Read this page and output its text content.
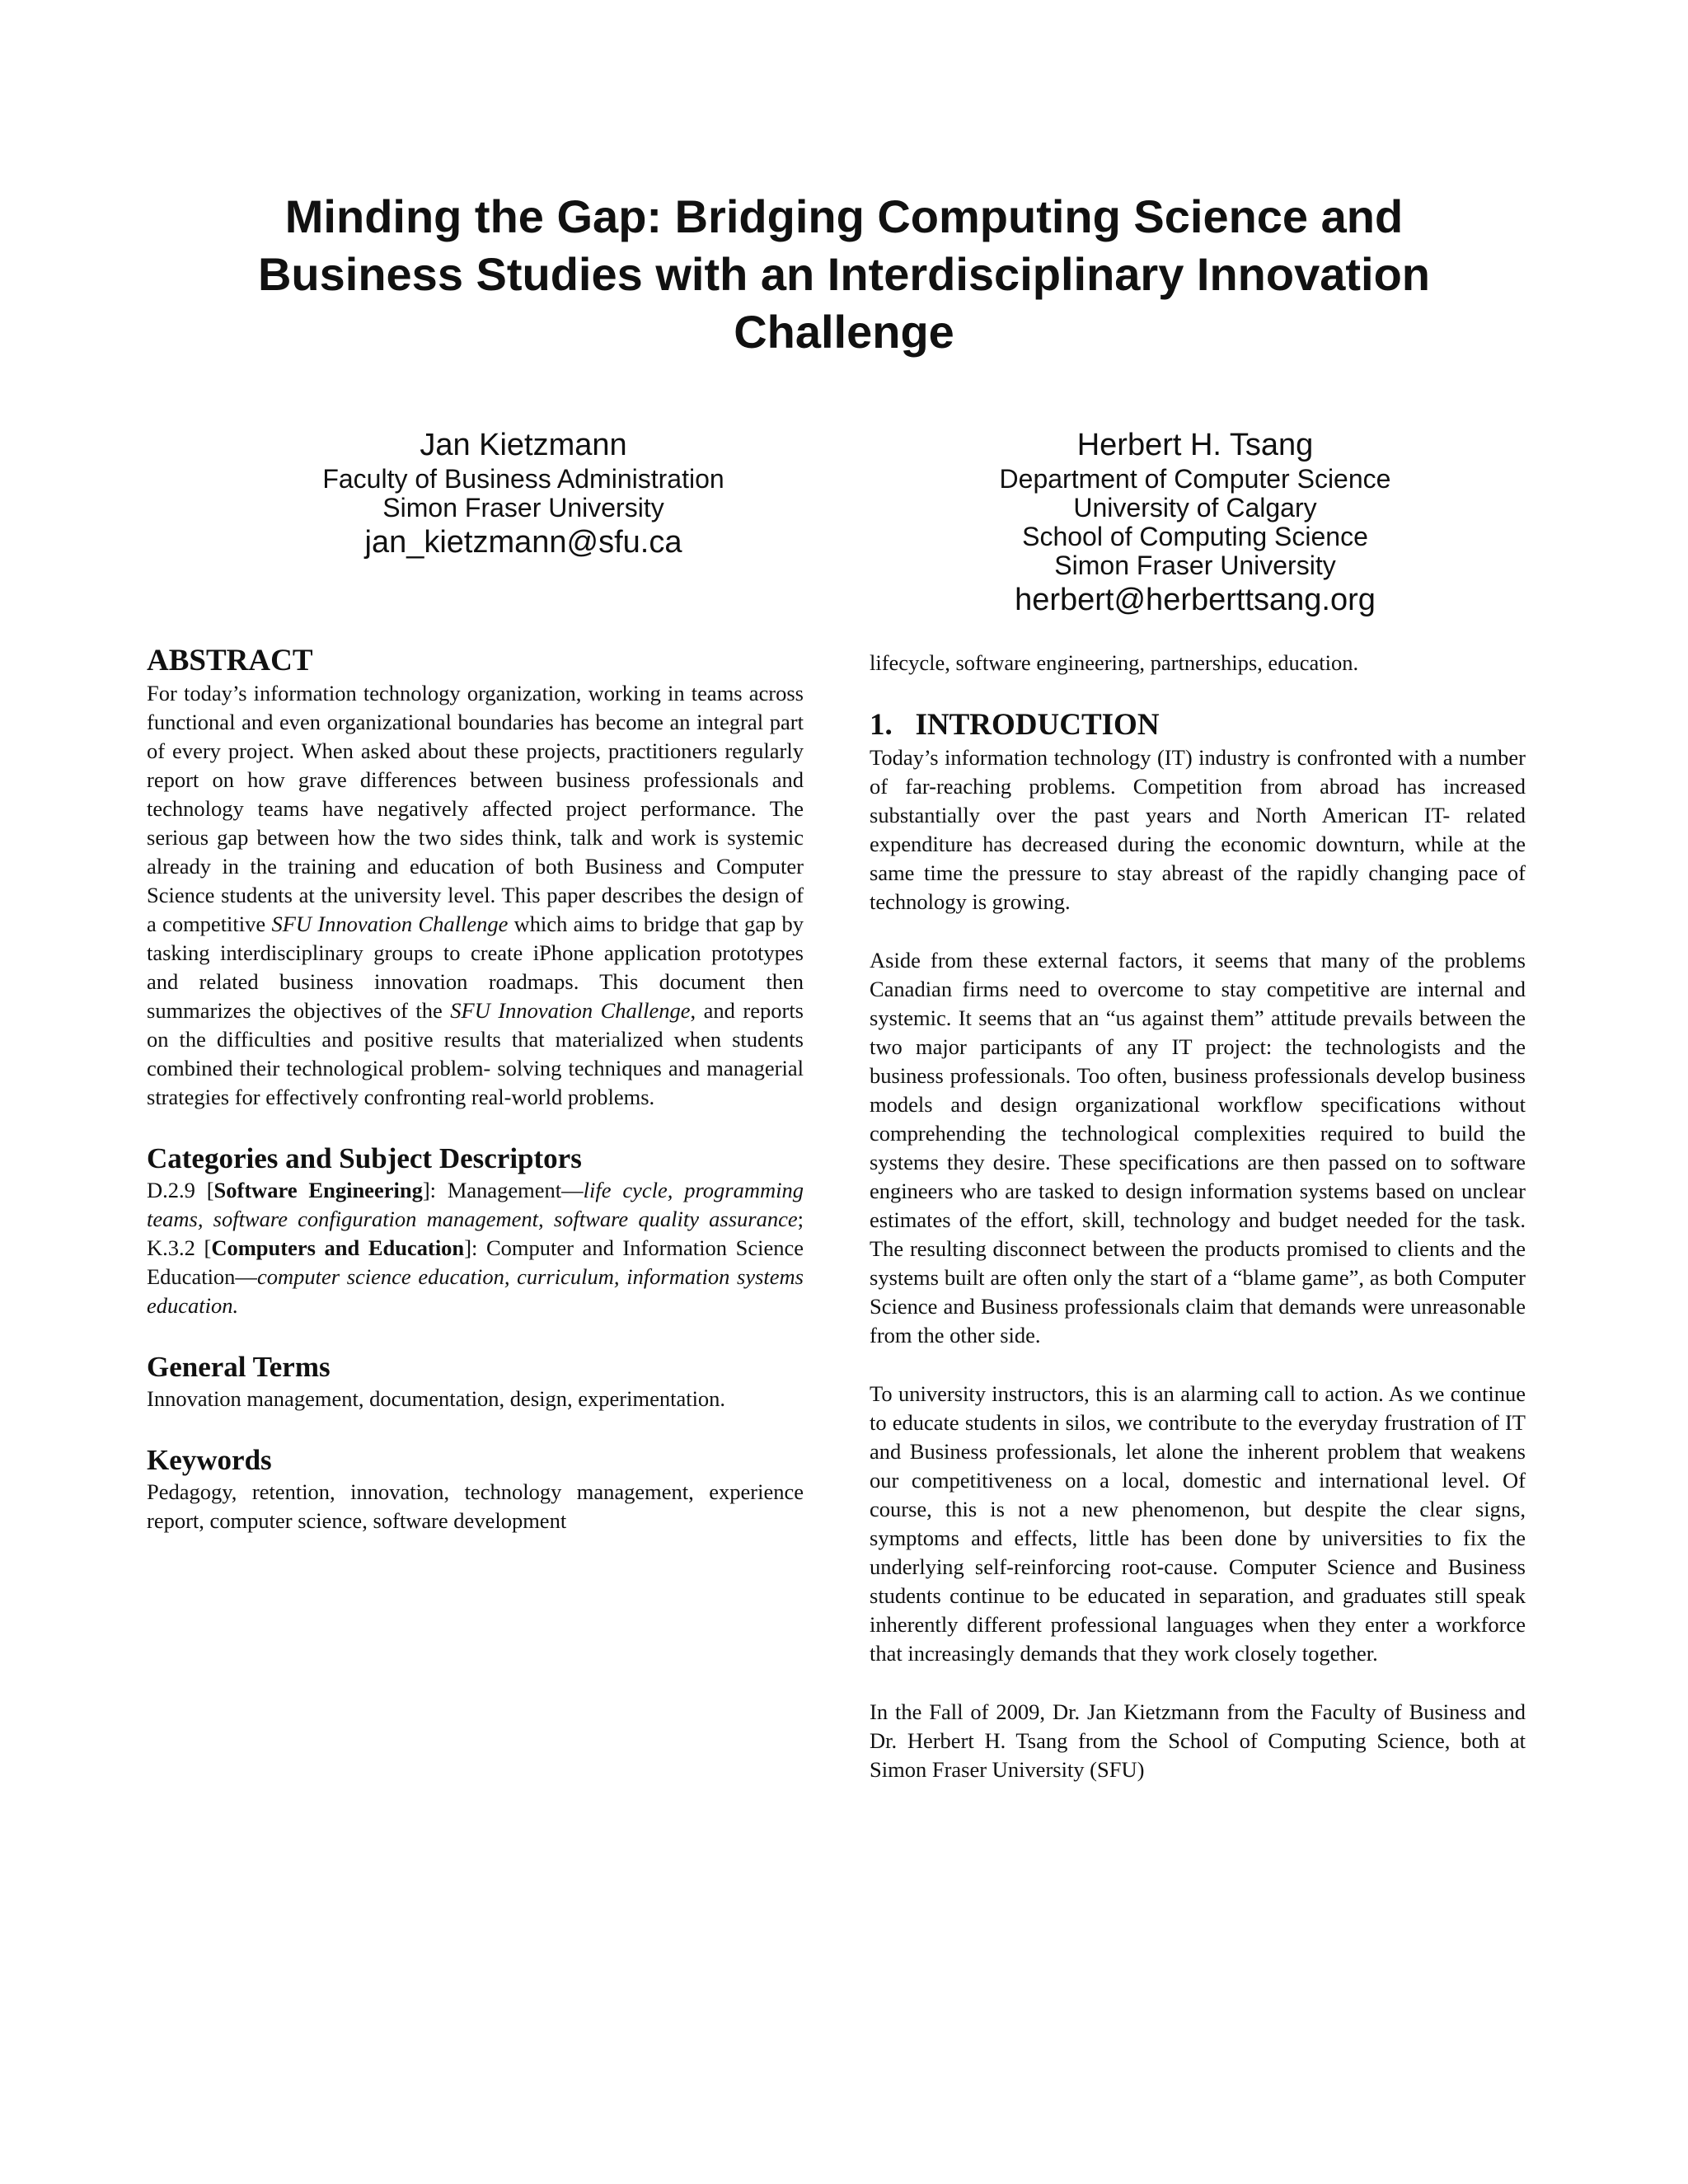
Minding the Gap: Bridging Computing Science and
Business Studies with an Interdisciplinary Innovation
Challenge
Jan Kietzmann
Faculty of Business Administration
Simon Fraser University
jan_kietzmann@sfu.ca
Herbert H. Tsang
Department of Computer Science
University of Calgary
School of Computing Science
Simon Fraser University
herbert@herberttsang.org
ABSTRACT

For today’s information technology organization, working in teams across functional and even organizational boundaries has become an integral part of every project. When asked about these projects, practitioners regularly report on how grave differences between business professionals and technology teams have negatively affected project performance. The serious gap between how the two sides think, talk and work is systemic already in the training and education of both Business and Computer Science students at the university level. This paper describes the design of a competitive SFU Innovation Challenge which aims to bridge that gap by tasking interdisciplinary groups to create iPhone application prototypes and related business innovation roadmaps. This document then summarizes the objectives of the SFU Innovation Challenge, and reports on the difficulties and positive results that materialized when students combined their technological problem- solving techniques and managerial strategies for effectively confronting real-world problems.

Categories and Subject Descriptors

D.2.9 [Software Engineering]: Management—life cycle, programming teams, software configuration management, software quality assurance; K.3.2 [Computers and Education]: Computer and Information Science Education—computer science education, curriculum, information systems education.

General Terms

Innovation management, documentation, design, experimentation.

Keywords

Pedagogy, retention, innovation, technology management, experience report, computer science, software development

lifecycle, software engineering, partnerships, education.

1.   INTRODUCTION

Today’s information technology (IT) industry is confronted with a number of far-reaching problems. Competition from abroad has increased substantially over the past years and North American IT- related expenditure has decreased during the economic downturn, while at the same time the pressure to stay abreast of the rapidly changing pace of technology is growing.

Aside from these external factors, it seems that many of the problems Canadian firms need to overcome to stay competitive are internal and systemic. It seems that an “us against them” attitude prevails between the two major participants of any IT project: the technologists and the business professionals. Too often, business professionals develop business models and design organizational workflow specifications without comprehending the technological complexities required to build the systems they desire. These specifications are then passed on to software engineers who are tasked to design information systems based on unclear estimates of the effort, skill, technology and budget needed for the task. The resulting disconnect between the products promised to clients and the systems built are often only the start of a “blame game”, as both Computer Science and Business professionals claim that demands were unreasonable from the other side.

To university instructors, this is an alarming call to action. As we continue to educate students in silos, we contribute to the everyday frustration of IT and Business professionals, let alone the inherent problem that weakens our competitiveness on a local, domestic and international level. Of course, this is not a new phenomenon, but despite the clear signs, symptoms and effects, little has been done by universities to fix the underlying self-reinforcing root-cause. Computer Science and Business students continue to be educated in separation, and graduates still speak inherently different professional languages when they enter a workforce that increasingly demands that they work closely together.

In the Fall of 2009, Dr. Jan Kietzmann from the Faculty of Business and Dr. Herbert H. Tsang from the School of Computing Science, both at Simon Fraser University (SFU)
